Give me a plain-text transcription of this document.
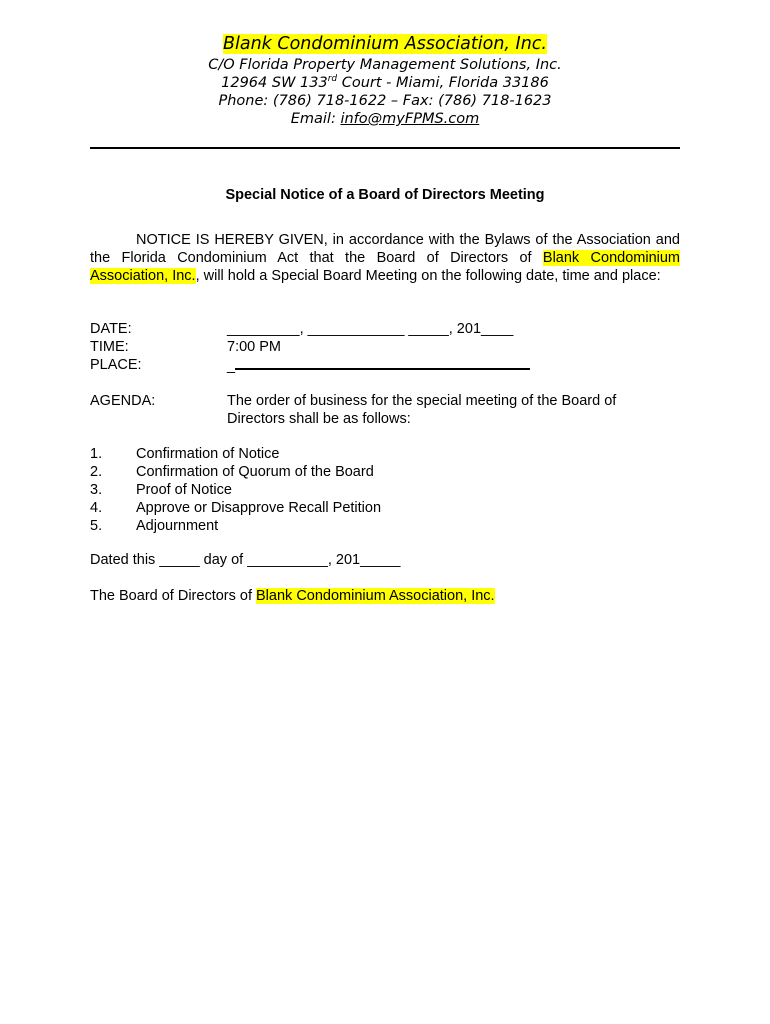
Blank Condominium Association, Inc.
C/O Florida Property Management Solutions, Inc.
12964 SW 133rd Court - Miami, Florida 33186
Phone: (786) 718-1622 – Fax: (786) 718-1623
Email: info@myFPMS.com
Special Notice of a Board of Directors Meeting
NOTICE IS HEREBY GIVEN, in accordance with the Bylaws of the Association and the Florida Condominium Act that the Board of Directors of Blank Condominium Association, Inc., will hold a Special Board Meeting on the following date, time and place:
DATE:	_________, ____________ _____, 201____
TIME:	7:00 PM
PLACE:	_
AGENDA:	The order of business for the special meeting of the Board of Directors shall be as follows:
1. Confirmation of Notice
2. Confirmation of Quorum of the Board
3. Proof of Notice
4. Approve or Disapprove Recall Petition
5. Adjournment
Dated this _____ day of __________, 201_____
The Board of Directors of Blank Condominium Association, Inc.
